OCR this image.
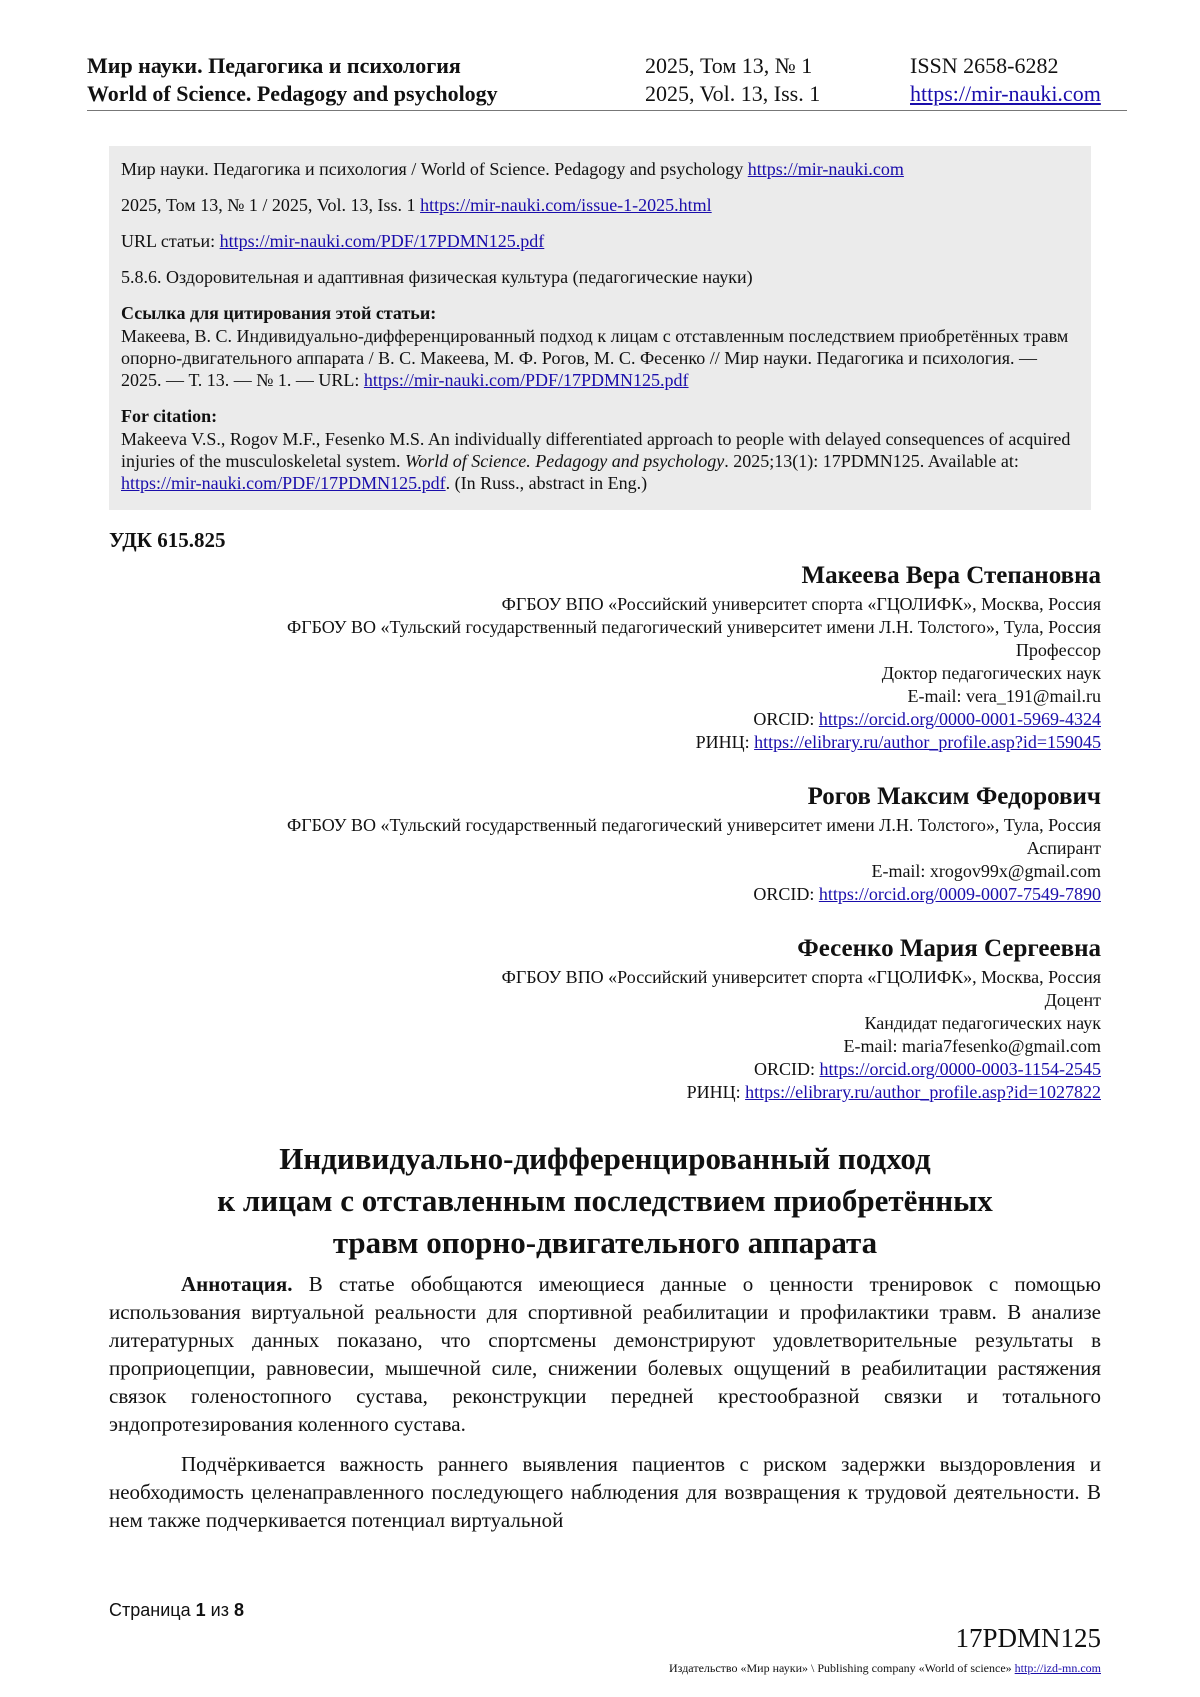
Мир науки. Педагогика и психология	2025, Том 13, № 1	ISSN 2658-6282
World of Science. Pedagogy and psychology	2025, Vol. 13, Iss. 1	https://mir-nauki.com

Мир науки. Педагогика и психология / World of Science. Pedagogy and psychology https://mir-nauki.com

2025, Том 13, № 1 / 2025, Vol. 13, Iss. 1 https://mir-nauki.com/issue-1-2025.html

URL статьи: https://mir-nauki.com/PDF/17PDMN125.pdf

5.8.6. Оздоровительная и адаптивная физическая культура (педагогические науки)

Ссылка для цитирования этой статьи:
Макеева, В. С. Индивидуально-дифференцированный подход к лицам с отставленным последствием приобретённых травм опорно-двигательного аппарата / В. С. Макеева, М. Ф. Рогов, М. С. Фесенко // Мир науки. Педагогика и психология. — 2025. — Т. 13. — № 1. — URL: https://mir-nauki.com/PDF/17PDMN125.pdf
For citation:
Makeeva V.S., Rogov M.F., Fesenko M.S. An individually differentiated approach to people with delayed consequences of acquired injuries of the musculoskeletal system. World of Science. Pedagogy and psychology. 2025;13(1): 17PDMN125. Available at: https://mir-nauki.com/PDF/17PDMN125.pdf. (In Russ., abstract in Eng.)
УДК 615.825
Макеева Вера Степановна
ФГБОУ ВПО «Российский университет спорта «ГЦОЛИФК», Москва, Россия
ФГБОУ ВО «Тульский государственный педагогический университет имени Л.Н. Толстого», Тула, Россия
Профессор
Доктор педагогических наук
E-mail: vera_191@mail.ru
ORCID: https://orcid.org/0000-0001-5969-4324
РИНЦ: https://elibrary.ru/author_profile.asp?id=159045
Рогов Максим Федорович
ФГБОУ ВО «Тульский государственный педагогический университет имени Л.Н. Толстого», Тула, Россия
Аспирант
E-mail: xrogov99x@gmail.com
ORCID: https://orcid.org/0009-0007-7549-7890
Фесенко Мария Сергеевна
ФГБОУ ВПО «Российский университет спорта «ГЦОЛИФК», Москва, Россия
Доцент
Кандидат педагогических наук
E-mail: maria7fesenko@gmail.com
ORCID: https://orcid.org/0000-0003-1154-2545
РИНЦ: https://elibrary.ru/author_profile.asp?id=1027822
Индивидуально-дифференцированный подход
к лицам с отставленным последствием приобретённых
травм опорно-двигательного аппарата

Аннотация. В статье обобщаются имеющиеся данные о ценности тренировок с помощью использования виртуальной реальности для спортивной реабилитации и профилактики травм. В анализе литературных данных показано, что спортсмены демонстрируют удовлетворительные результаты в проприоцепции, равновесии, мышечной силе, снижении болевых ощущений в реабилитации растяжения связок голеностопного сустава, реконструкции передней крестообразной связки и тотального эндопротезирования коленного сустава.

Подчёркивается важность раннего выявления пациентов с риском задержки выздоровления и необходимость целенаправленного последующего наблюдения для возвращения к трудовой деятельности. В нем также подчеркивается потенциал виртуальной

Страница 1 из 8
17PDMN125
Издательство «Мир науки» \ Publishing company «World of science» http://izd-mn.com
